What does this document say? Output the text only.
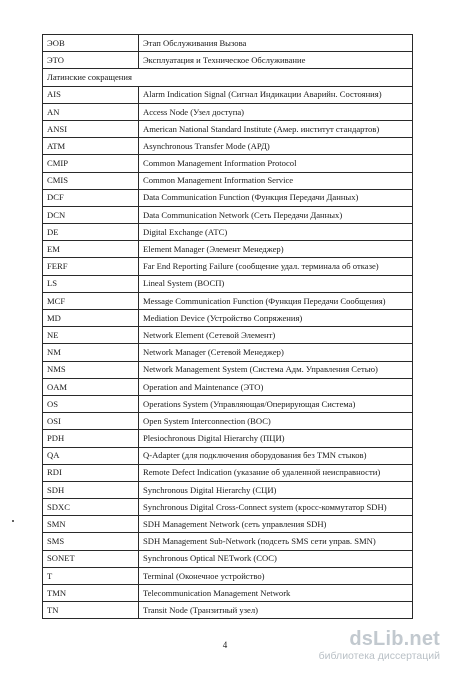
ЭОВ	Этап Обслуживания Вызова
ЭТО	Эксплуатация и Техническое Обслуживание
Латинские сокращения	
AIS	Alarm Indication Signal (Сигнал Индикации Аварийн. Состояния)
AN	Access Node (Узел доступа)
ANSI	American National Standard Institute (Амер. институт стандартов)
ATM	Asynchronous Transfer Mode (АРД)
CMIP	Common Management Information Protocol
CMIS	Common Management Information Service
DCF	Data Communication Function (Функция Передачи Данных)
DCN	Data Communication Network (Сеть Передачи Данных)
DE	Digital Exchange (АТС)
EM	Element Manager (Элемент Менеджер)
FERF	Far End Reporting Failure (сообщение удал. терминала об отказе)
LS	Lineal System (ВОСП)
MCF	Message Communication Function (Функция Передачи Сообщения)
MD	Mediation Device (Устройство Сопряжения)
NE	Network Element (Сетевой Элемент)
NM	Network Manager (Сетевой Менеджер)
NMS	Network Management System (Система Адм. Управления Сетью)
OAM	Operation and Maintenance (ЭТО)
OS	Operations System (Управляющая/Оперирующая Система)
OSI	Open System Interconnection (ВОС)
PDH	Plesiochronous Digital Hierarchy (ПЦИ)
QA	Q-Adapter (для подключения оборудования без TMN стыков)
RDI	Remote Defect Indication (указание об удаленной неисправности)
SDH	Synchronous Digital Hierarchy (СЦИ)
SDXC	Synchronous Digital Cross-Connect system (кросс-коммутатор SDH)
SMN	SDH Management Network (сеть управления SDH)
SMS	SDH Management Sub-Network (подсеть SMS сети управ. SMN)
SONET	Synchronous Optical NETwork (СОС)
T	Terminal (Оконечное устройство)
TMN	Telecommunication Management Network
TN	Transit Node (Транзитный узел)
4	dsLib.net
библиотека диссертаций
